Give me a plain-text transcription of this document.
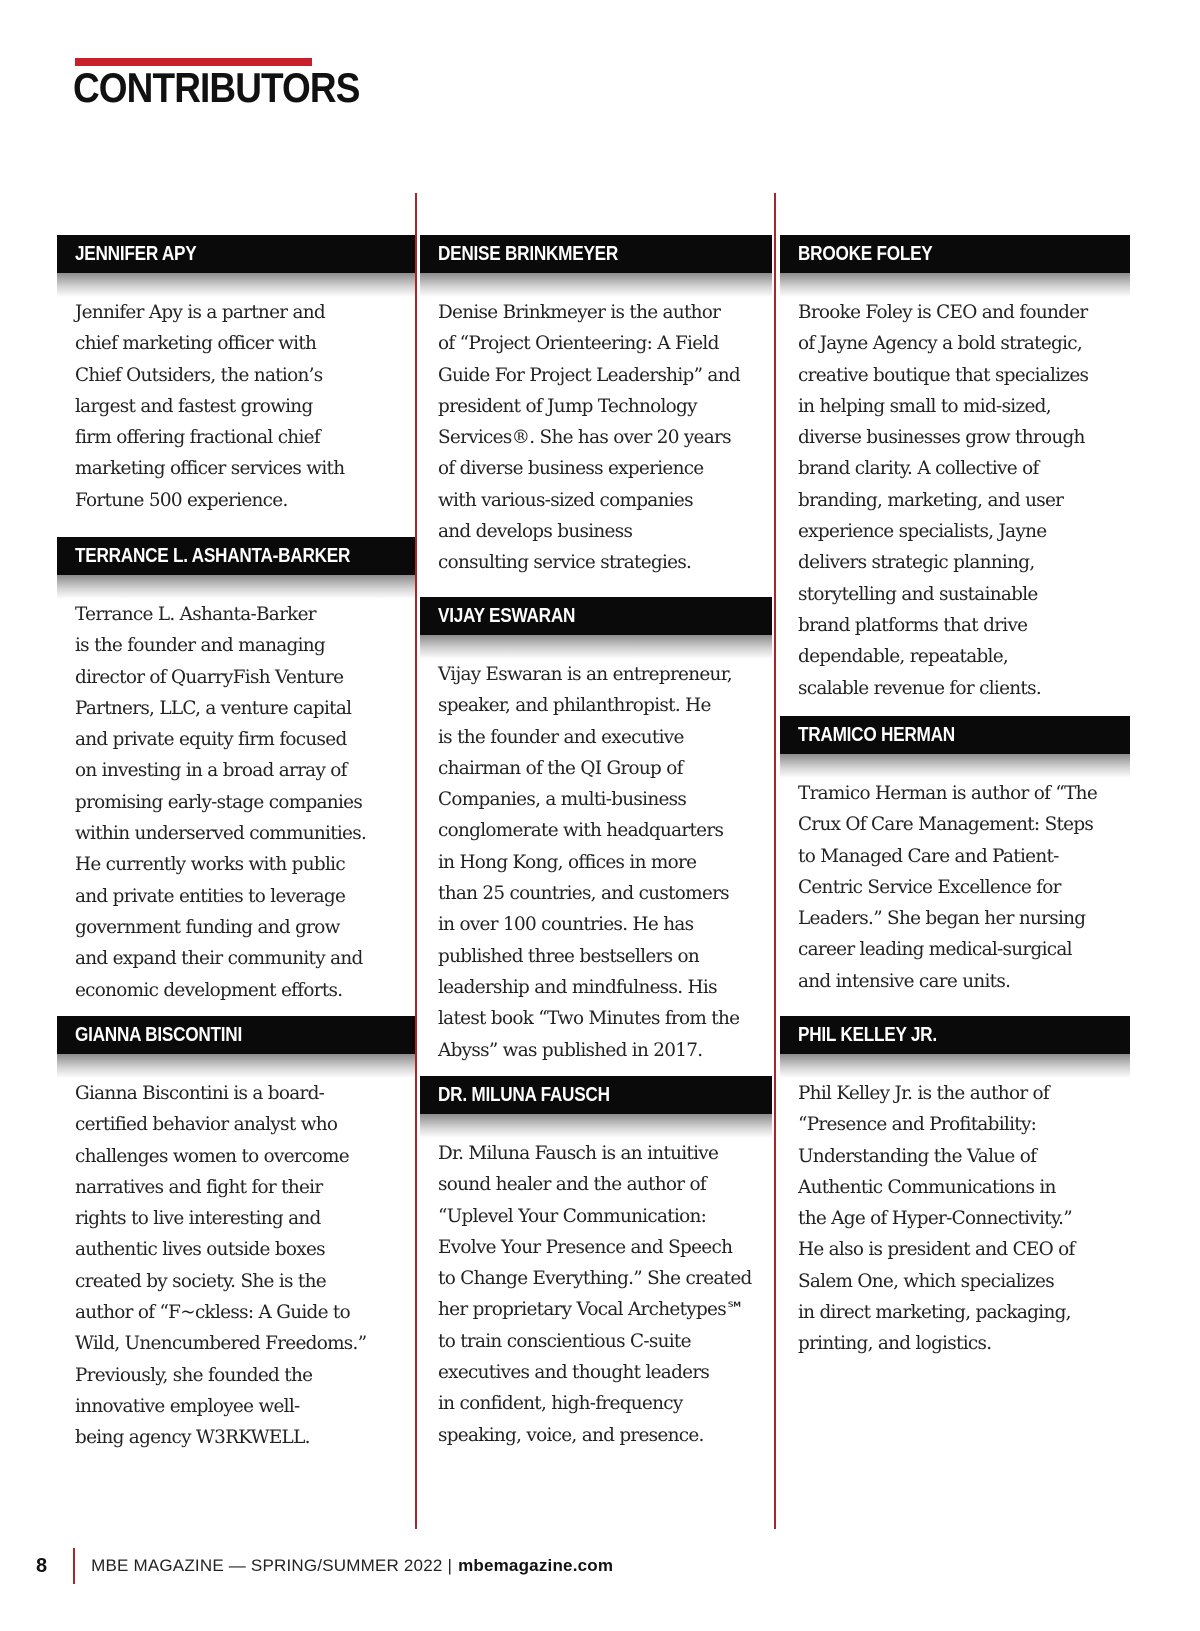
CONTRIBUTORS
JENNIFER APY

Jennifer Apy is a partner and
chief marketing officer with
Chief Outsiders, the nation’s
largest and fastest growing
firm offering fractional chief
marketing officer services with
Fortune 500 experience.

TERRANCE L. ASHANTA-BARKER

Terrance L. Ashanta-Barker
is the founder and managing
director of QuarryFish Venture
Partners, LLC, a venture capital
and private equity firm focused
on investing in a broad array of
promising early-stage companies
within underserved communities.
He currently works with public
and private entities to leverage
government funding and grow
and expand their community and
economic development efforts.

GIANNA BISCONTINI

Gianna Biscontini is a board-
certified behavior analyst who
challenges women to overcome
narratives and fight for their
rights to live interesting and
authentic lives outside boxes
created by society. She is the
author of “F~ckless: A Guide to
Wild, Unencumbered Freedoms.”
Previously, she founded the
innovative employee well-
being agency W3RKWELL.

DENISE BRINKMEYER

Denise Brinkmeyer is the author
of “Project Orienteering: A Field
Guide For Project Leadership” and
president of Jump Technology
Services®. She has over 20 years
of diverse business experience
with various-sized companies
and develops business
consulting service strategies.

VIJAY ESWARAN

Vijay Eswaran is an entrepreneur,
speaker, and philanthropist. He
is the founder and executive
chairman of the QI Group of
Companies, a multi-business
conglomerate with headquarters
in Hong Kong, offices in more
than 25 countries, and customers
in over 100 countries. He has
published three bestsellers on
leadership and mindfulness. His
latest book “Two Minutes from the
Abyss” was published in 2017.

DR. MILUNA FAUSCH

Dr. Miluna Fausch is an intuitive
sound healer and the author of
“Uplevel Your Communication:
Evolve Your Presence and Speech
to Change Everything.” She created
her proprietary Vocal Archetypes℠
to train conscientious C-suite
executives and thought leaders
in confident, high-frequency
speaking, voice, and presence.

BROOKE FOLEY

Brooke Foley is CEO and founder
of Jayne Agency a bold strategic,
creative boutique that specializes
in helping small to mid-sized,
diverse businesses grow through
brand clarity. A collective of
branding, marketing, and user
experience specialists, Jayne
delivers strategic planning,
storytelling and sustainable
brand platforms that drive
dependable, repeatable,
scalable revenue for clients.

TRAMICO HERMAN

Tramico Herman is author of “The
Crux Of Care Management: Steps
to Managed Care and Patient-
Centric Service Excellence for
Leaders.” She began her nursing
career leading medical-surgical
and intensive care units.

PHIL KELLEY JR.

Phil Kelley Jr. is the author of
“Presence and Profitability:
Understanding the Value of
Authentic Communications in
the Age of Hyper-Connectivity.”
He also is president and CEO of
Salem One, which specializes
in direct marketing, packaging,
printing, and logistics.

8	MBE MAGAZINE — SPRING/SUMMER 2022 | mbemagazine.com
